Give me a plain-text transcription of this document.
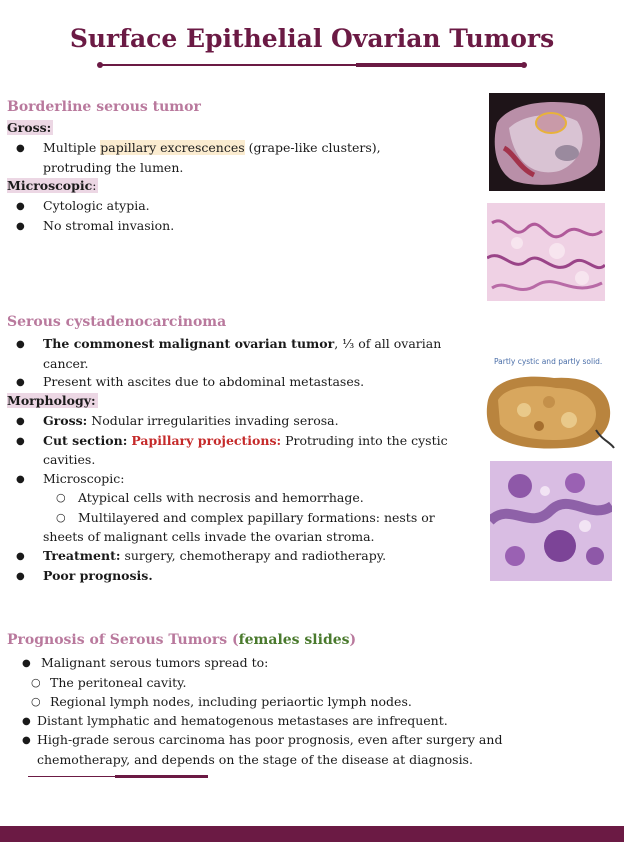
Surface Epithelial Ovarian Tumors
Borderline serous tumor
Gross:
● Multiple papillary excrescences (grape-like clusters),
protruding the lumen.
Microscopic:
● Cytologic atypia.
● No stromal invasion.
Serous cystadenocarcinoma
● The commonest malignant ovarian tumor, ⅓ of all ovarian
cancer.
● Present with ascites due to abdominal metastases.
Morphology:
● Gross: Nodular irregularities invading serosa.
● Cut section: Papillary projections: Protruding into the cystic
cavities.
● Microscopic:
○ Atypical cells with necrosis and hemorrhage.
○ Multilayered and complex papillary formations: nests or
sheets of malignant cells invade the ovarian stroma.
● Treatment: surgery, chemotherapy and radiotherapy.
● Poor prognosis.
Partly cystic and partly solid.
Prognosis of Serous Tumors (females slides)
● Malignant serous tumors spread to:
○ The peritoneal cavity.
○ Regional lymph nodes, including periaortic lymph nodes.
● Distant lymphatic and hematogenous metastases are infrequent.
● High-grade serous carcinoma has poor prognosis, even after surgery and
chemotherapy, and depends on the stage of the disease at diagnosis.
